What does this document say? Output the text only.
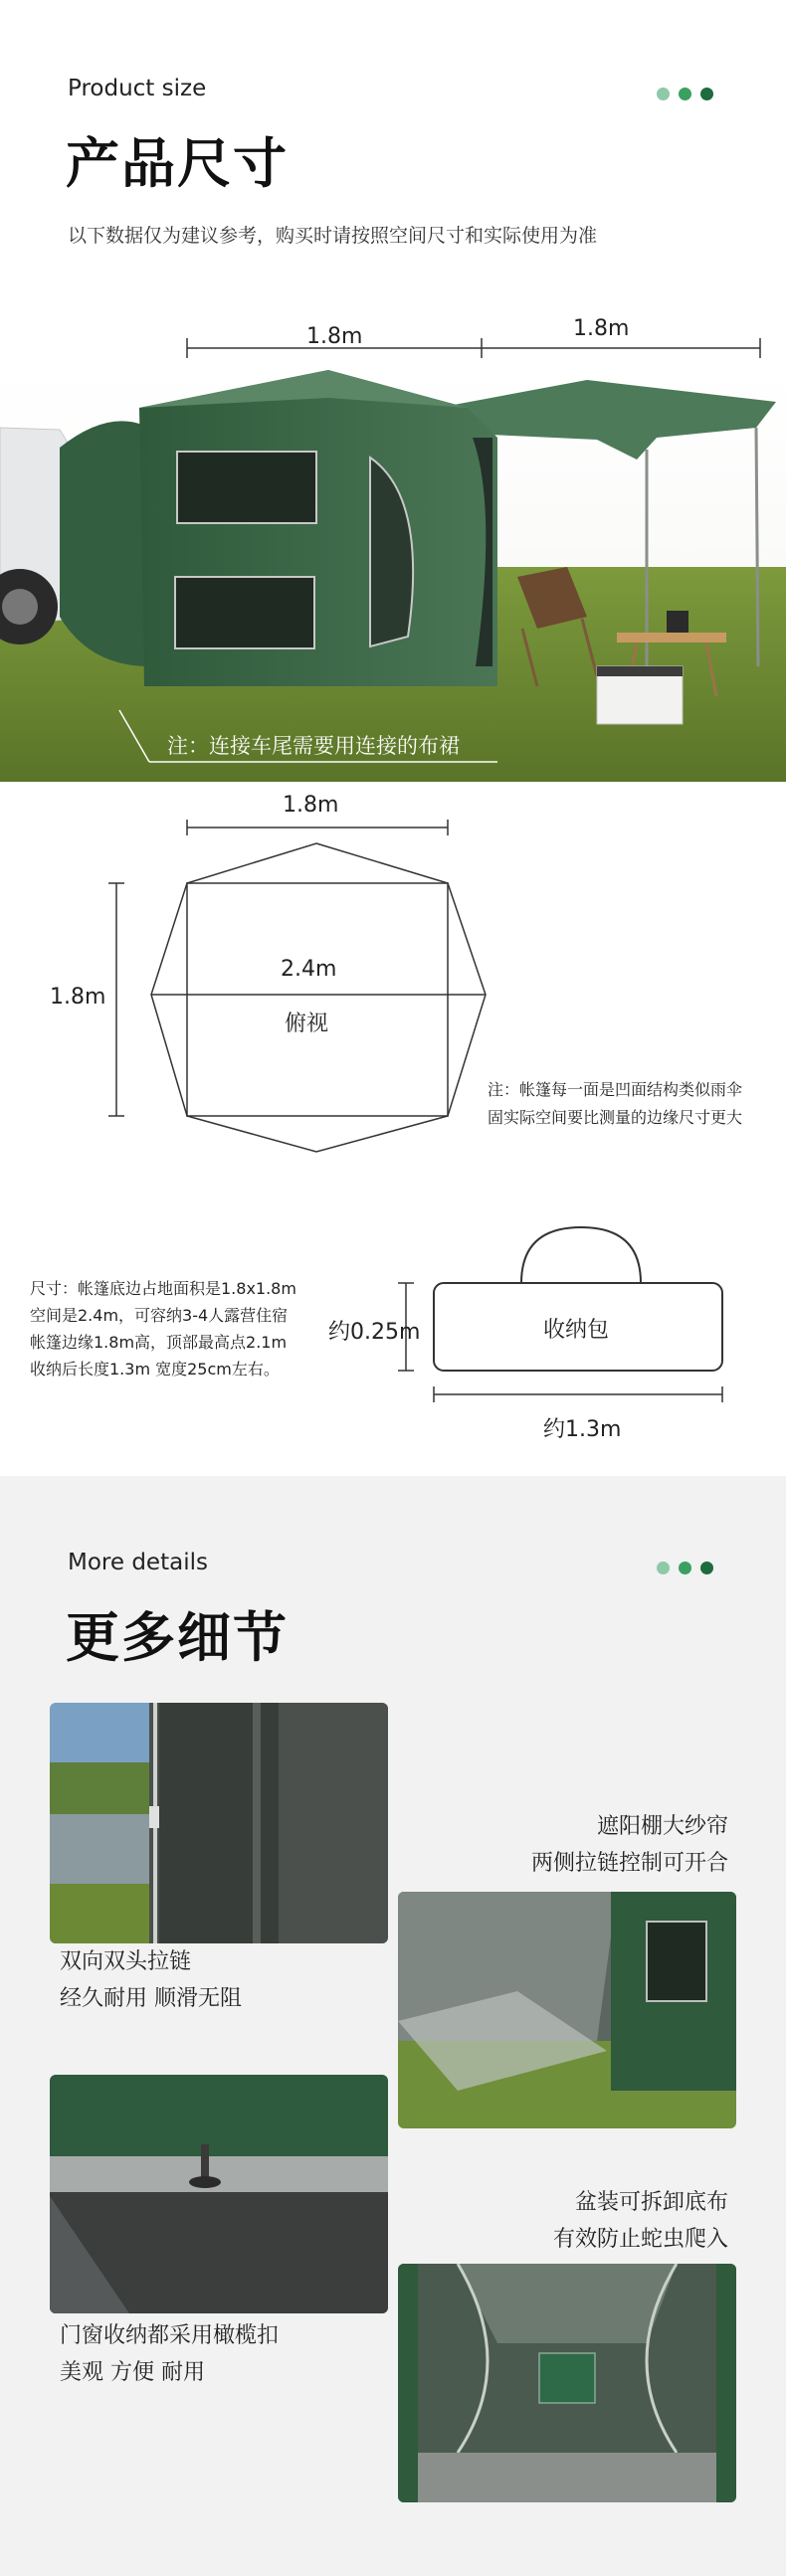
Product size
产品尺寸
以下数据仅为建议参考，购买时请按照空间尺寸和实际使用为准
1.8m	1.8m
注：连接车尾需要用连接的布裙
1.8m
1.8m
2.4m
俯视
注：帐篷每一面是凹面结构类似雨伞
固实际空间要比测量的边缘尺寸更大
尺寸：帐篷底边占地面积是1.8x1.8m
空间是2.4m，可容纳3-4人露营住宿
帐篷边缘1.8m高，顶部最高点2.1m
收纳后长度1.3m 宽度25cm左右。
收纳包
约0.25m
约1.3m
More details
更多细节
双向双头拉链
经久耐用 顺滑无阻
遮阳棚大纱帘
两侧拉链控制可开合
门窗收纳都采用橄榄扣
美观 方便 耐用
盆装可拆卸底布
有效防止蛇虫爬入
